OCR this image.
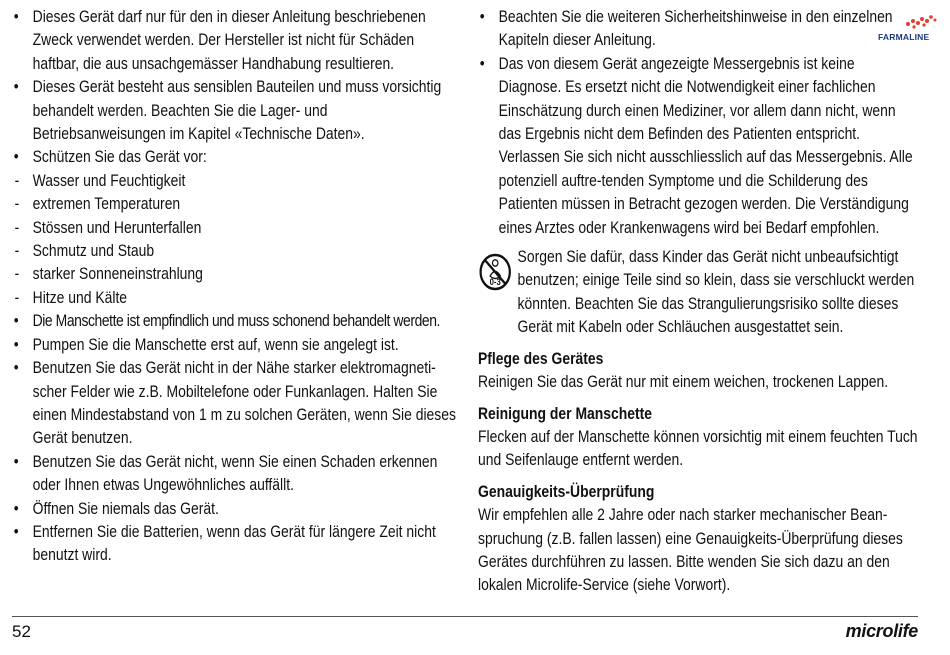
FARMALINE
• Dieses Gerät darf nur für den in dieser Anleitung beschriebenen Zweck verwendet werden. Der Hersteller ist nicht für Schäden haftbar, die aus unsachgemässer Handhabung resultieren.
• Dieses Gerät besteht aus sensiblen Bauteilen und muss vorsichtig behandelt werden. Beachten Sie die Lager- und Betriebsanweisungen im Kapitel «Technische Daten».
• Schützen Sie das Gerät vor:
- Wasser und Feuchtigkeit
- extremen Temperaturen
- Stössen und Herunterfallen
- Schmutz und Staub
- starker Sonneneinstrahlung
- Hitze und Kälte
• Die Manschette ist empfindlich und muss schonend behandelt werden.
• Pumpen Sie die Manschette erst auf, wenn sie angelegt ist.
• Benutzen Sie das Gerät nicht in der Nähe starker elektromagneti-scher Felder wie z.B. Mobiltelefone oder Funkanlagen. Halten Sie einen Mindestabstand von 1 m zu solchen Geräten, wenn Sie dieses Gerät benutzen.
• Benutzen Sie das Gerät nicht, wenn Sie einen Schaden erkennen oder Ihnen etwas Ungewöhnliches auffällt.
• Öffnen Sie niemals das Gerät.
• Entfernen Sie die Batterien, wenn das Gerät für längere Zeit nicht benutzt wird.
• Beachten Sie die weiteren Sicherheitshinweise in den einzelnen Kapiteln dieser Anleitung.
• Das von diesem Gerät angezeigte Messergebnis ist keine Diagnose. Es ersetzt nicht die Notwendigkeit einer fachlichen Einschätzung durch einen Mediziner, vor allem dann nicht, wenn das Ergebnis nicht dem Befinden des Patienten entspricht. Verlassen Sie sich nicht ausschliesslich auf das Messergebnis. Alle potenziell auftre-tenden Symptome und die Schilderung des Patienten müssen in Betracht gezogen werden. Die Verständigung eines Arztes oder Krankenwagens wird bei Bedarf empfohlen.
0-3

Sorgen Sie dafür, dass Kinder das Gerät nicht unbeaufsichtigt benutzen; einige Teile sind so klein, dass sie verschluckt werden könnten. Beachten Sie das Strangulierungsrisiko sollte dieses Gerät mit Kabeln oder Schläuchen ausgestattet sein.

Pflege des Gerätes

Reinigen Sie das Gerät nur mit einem weichen, trockenen Lappen.

Reinigung der Manschette

Flecken auf der Manschette können vorsichtig mit einem feuchten Tuch und Seifenlauge entfernt werden.

Genauigkeits-Überprüfung

Wir empfehlen alle 2 Jahre oder nach starker mechanischer Bean-spruchung (z.B. fallen lassen) eine Genauigkeits-Überprüfung dieses Gerätes durchführen zu lassen. Bitte wenden Sie sich dazu an den lokalen Microlife-Service (siehe Vorwort).

52	microlife
